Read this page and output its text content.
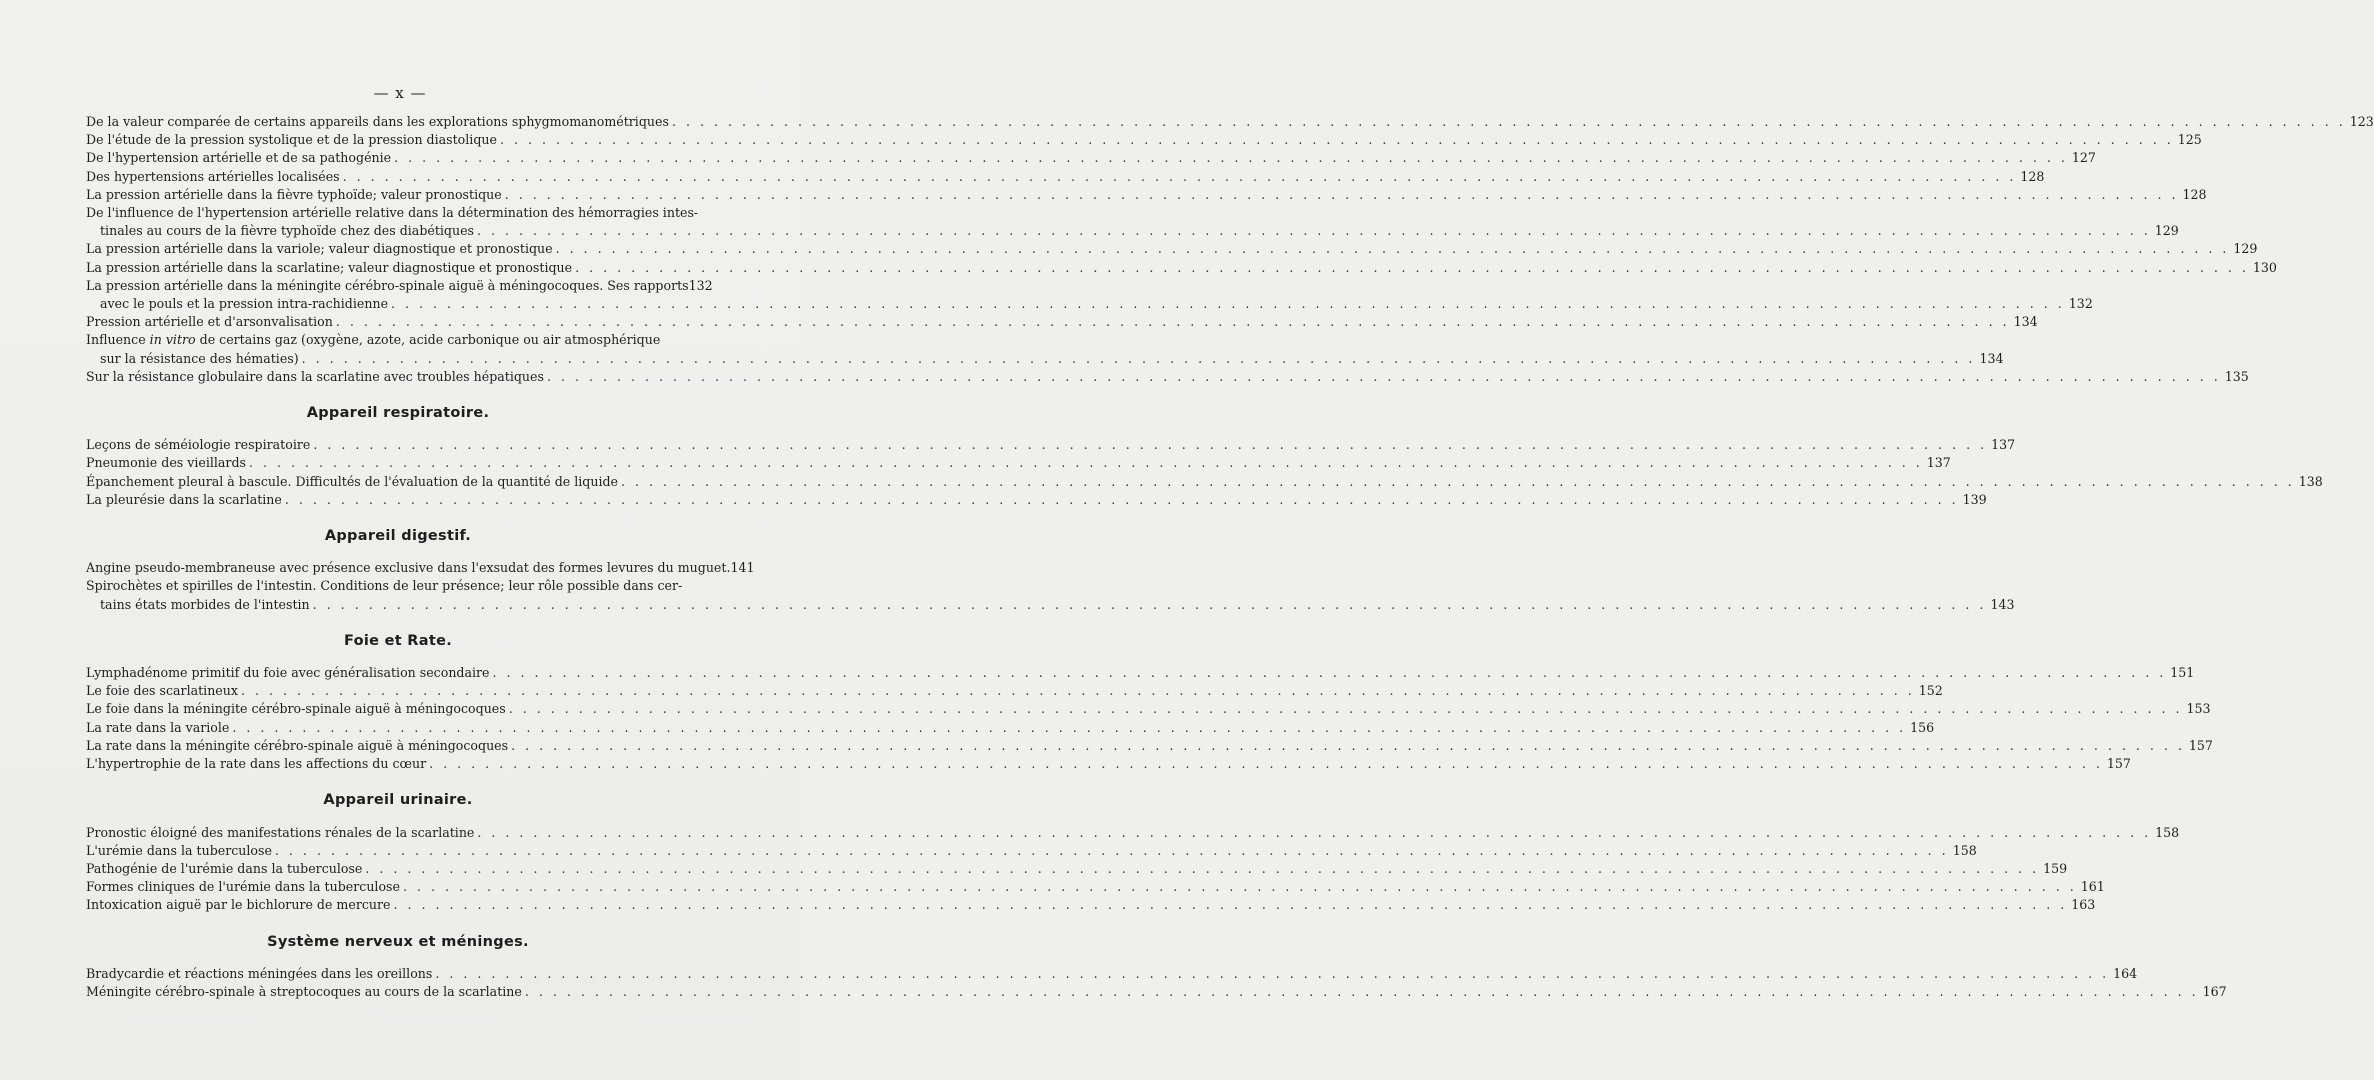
— x —
De la valeur comparée de certains appareils dans les explorations sphygmomanométriques . . . . . . . . . . . . . . . . . . . . . . . . . . . . . . . . . . . . . . . . . . . . . . . . . . . . . . . . . . . . . . . . . . . . . . . . . . . . . . . . . . . . . . . . . . . . . . . . . . . . . . . . . . . . . . . . . . . . . . . . 123
De l'étude de la pression systolique et de la pression diastolique . . . . . . . . . . . . . . . . . . . . . . . . . . . . . . . . . . . . . . . . . . . . . . . . . . . . . . . . . . . . . . . . . . . . . . . . . . . . . . . . . . . . . . . . . . . . . . . . . . . . . . . . . . . . . . . . . . . . . . . . 125
De l'hypertension artérielle et de sa pathogénie . . . . . . . . . . . . . . . . . . . . . . . . . . . . . . . . . . . . . . . . . . . . . . . . . . . . . . . . . . . . . . . . . . . . . . . . . . . . . . . . . . . . . . . . . . . . . . . . . . . . . . . . . . . . . . . . . . . . . . . . 127
Des hypertensions artérielles localisées . . . . . . . . . . . . . . . . . . . . . . . . . . . . . . . . . . . . . . . . . . . . . . . . . . . . . . . . . . . . . . . . . . . . . . . . . . . . . . . . . . . . . . . . . . . . . . . . . . . . . . . . . . . . . . . . . . . . . . . . 128
La pression artérielle dans la fièvre typhoïde; valeur pronostique . . . . . . . . . . . . . . . . . . . . . . . . . . . . . . . . . . . . . . . . . . . . . . . . . . . . . . . . . . . . . . . . . . . . . . . . . . . . . . . . . . . . . . . . . . . . . . . . . . . . . . . . . . . . . . . . . . . . . . . . 128
De l'influence de l'hypertension artérielle relative dans la détermination des hémorragies intes-
tinales au cours de la fièvre typhoïde chez des diabétiques . . . . . . . . . . . . . . . . . . . . . . . . . . . . . . . . . . . . . . . . . . . . . . . . . . . . . . . . . . . . . . . . . . . . . . . . . . . . . . . . . . . . . . . . . . . . . . . . . . . . . . . . . . . . . . . . . . . . . . . . 129
La pression artérielle dans la variole; valeur diagnostique et pronostique . . . . . . . . . . . . . . . . . . . . . . . . . . . . . . . . . . . . . . . . . . . . . . . . . . . . . . . . . . . . . . . . . . . . . . . . . . . . . . . . . . . . . . . . . . . . . . . . . . . . . . . . . . . . . . . . . . . . . . . . 129
La pression artérielle dans la scarlatine; valeur diagnostique et pronostique . . . . . . . . . . . . . . . . . . . . . . . . . . . . . . . . . . . . . . . . . . . . . . . . . . . . . . . . . . . . . . . . . . . . . . . . . . . . . . . . . . . . . . . . . . . . . . . . . . . . . . . . . . . . . . . . . . . . . . . . 130
La pression artérielle dans la méningite cérébro-spinale aiguë à méningocoques. Ses rapports 132
avec le pouls et la pression intra-rachidienne . . . . . . . . . . . . . . . . . . . . . . . . . . . . . . . . . . . . . . . . . . . . . . . . . . . . . . . . . . . . . . . . . . . . . . . . . . . . . . . . . . . . . . . . . . . . . . . . . . . . . . . . . . . . . . . . . . . . . . . . 132
Pression artérielle et d'arsonvalisation . . . . . . . . . . . . . . . . . . . . . . . . . . . . . . . . . . . . . . . . . . . . . . . . . . . . . . . . . . . . . . . . . . . . . . . . . . . . . . . . . . . . . . . . . . . . . . . . . . . . . . . . . . . . . . . . . . . . . . . . 134
Influence in vitro de certains gaz (oxygène, azote, acide carbonique ou air atmosphérique
sur la résistance des hématies) . . . . . . . . . . . . . . . . . . . . . . . . . . . . . . . . . . . . . . . . . . . . . . . . . . . . . . . . . . . . . . . . . . . . . . . . . . . . . . . . . . . . . . . . . . . . . . . . . . . . . . . . . . . . . . . . . . . . . . . . 134
Sur la résistance globulaire dans la scarlatine avec troubles hépatiques . . . . . . . . . . . . . . . . . . . . . . . . . . . . . . . . . . . . . . . . . . . . . . . . . . . . . . . . . . . . . . . . . . . . . . . . . . . . . . . . . . . . . . . . . . . . . . . . . . . . . . . . . . . . . . . . . . . . . . . . 135
Appareil respiratoire.
Leçons de séméiologie respiratoire . . . . . . . . . . . . . . . . . . . . . . . . . . . . . . . . . . . . . . . . . . . . . . . . . . . . . . . . . . . . . . . . . . . . . . . . . . . . . . . . . . . . . . . . . . . . . . . . . . . . . . . . . . . . . . . . . . . . . . . . 137
Pneumonie des vieillards . . . . . . . . . . . . . . . . . . . . . . . . . . . . . . . . . . . . . . . . . . . . . . . . . . . . . . . . . . . . . . . . . . . . . . . . . . . . . . . . . . . . . . . . . . . . . . . . . . . . . . . . . . . . . . . . . . . . . . . . 137
Épanchement pleural à bascule. Difficultés de l'évaluation de la quantité de liquide . . . . . . . . . . . . . . . . . . . . . . . . . . . . . . . . . . . . . . . . . . . . . . . . . . . . . . . . . . . . . . . . . . . . . . . . . . . . . . . . . . . . . . . . . . . . . . . . . . . . . . . . . . . . . . . . . . . . . . . . 138
La pleurésie dans la scarlatine . . . . . . . . . . . . . . . . . . . . . . . . . . . . . . . . . . . . . . . . . . . . . . . . . . . . . . . . . . . . . . . . . . . . . . . . . . . . . . . . . . . . . . . . . . . . . . . . . . . . . . . . . . . . . . . . . . . . . . . . 139
Appareil digestif.
Angine pseudo-membraneuse avec présence exclusive dans l'exsudat des formes levures du muguet. 141
Spirochètes et spirilles de l'intestin. Conditions de leur présence; leur rôle possible dans cer-
tains états morbides de l'intestin . . . . . . . . . . . . . . . . . . . . . . . . . . . . . . . . . . . . . . . . . . . . . . . . . . . . . . . . . . . . . . . . . . . . . . . . . . . . . . . . . . . . . . . . . . . . . . . . . . . . . . . . . . . . . . . . . . . . . . . . 143
Foie et Rate.
Lymphadénome primitif du foie avec généralisation secondaire . . . . . . . . . . . . . . . . . . . . . . . . . . . . . . . . . . . . . . . . . . . . . . . . . . . . . . . . . . . . . . . . . . . . . . . . . . . . . . . . . . . . . . . . . . . . . . . . . . . . . . . . . . . . . . . . . . . . . . . . 151
Le foie des scarlatineux . . . . . . . . . . . . . . . . . . . . . . . . . . . . . . . . . . . . . . . . . . . . . . . . . . . . . . . . . . . . . . . . . . . . . . . . . . . . . . . . . . . . . . . . . . . . . . . . . . . . . . . . . . . . . . . . . . . . . . . . 152
Le foie dans la méningite cérébro-spinale aiguë à méningocoques . . . . . . . . . . . . . . . . . . . . . . . . . . . . . . . . . . . . . . . . . . . . . . . . . . . . . . . . . . . . . . . . . . . . . . . . . . . . . . . . . . . . . . . . . . . . . . . . . . . . . . . . . . . . . . . . . . . . . . . . 153
La rate dans la variole . . . . . . . . . . . . . . . . . . . . . . . . . . . . . . . . . . . . . . . . . . . . . . . . . . . . . . . . . . . . . . . . . . . . . . . . . . . . . . . . . . . . . . . . . . . . . . . . . . . . . . . . . . . . . . . . . . . . . . . . 156
La rate dans la méningite cérébro-spinale aiguë à méningocoques . . . . . . . . . . . . . . . . . . . . . . . . . . . . . . . . . . . . . . . . . . . . . . . . . . . . . . . . . . . . . . . . . . . . . . . . . . . . . . . . . . . . . . . . . . . . . . . . . . . . . . . . . . . . . . . . . . . . . . . . 157
L'hypertrophie de la rate dans les affections du cœur . . . . . . . . . . . . . . . . . . . . . . . . . . . . . . . . . . . . . . . . . . . . . . . . . . . . . . . . . . . . . . . . . . . . . . . . . . . . . . . . . . . . . . . . . . . . . . . . . . . . . . . . . . . . . . . . . . . . . . . . 157
Appareil urinaire.
Pronostic éloigné des manifestations rénales de la scarlatine . . . . . . . . . . . . . . . . . . . . . . . . . . . . . . . . . . . . . . . . . . . . . . . . . . . . . . . . . . . . . . . . . . . . . . . . . . . . . . . . . . . . . . . . . . . . . . . . . . . . . . . . . . . . . . . . . . . . . . . . 158
L'urémie dans la tuberculose . . . . . . . . . . . . . . . . . . . . . . . . . . . . . . . . . . . . . . . . . . . . . . . . . . . . . . . . . . . . . . . . . . . . . . . . . . . . . . . . . . . . . . . . . . . . . . . . . . . . . . . . . . . . . . . . . . . . . . . . 158
Pathogénie de l'urémie dans la tuberculose . . . . . . . . . . . . . . . . . . . . . . . . . . . . . . . . . . . . . . . . . . . . . . . . . . . . . . . . . . . . . . . . . . . . . . . . . . . . . . . . . . . . . . . . . . . . . . . . . . . . . . . . . . . . . . . . . . . . . . . . 159
Formes cliniques de l'urémie dans la tuberculose . . . . . . . . . . . . . . . . . . . . . . . . . . . . . . . . . . . . . . . . . . . . . . . . . . . . . . . . . . . . . . . . . . . . . . . . . . . . . . . . . . . . . . . . . . . . . . . . . . . . . . . . . . . . . . . . . . . . . . . . 161
Intoxication aiguë par le bichlorure de mercure . . . . . . . . . . . . . . . . . . . . . . . . . . . . . . . . . . . . . . . . . . . . . . . . . . . . . . . . . . . . . . . . . . . . . . . . . . . . . . . . . . . . . . . . . . . . . . . . . . . . . . . . . . . . . . . . . . . . . . . . 163
Système nerveux et méninges.
Bradycardie et réactions méningées dans les oreillons . . . . . . . . . . . . . . . . . . . . . . . . . . . . . . . . . . . . . . . . . . . . . . . . . . . . . . . . . . . . . . . . . . . . . . . . . . . . . . . . . . . . . . . . . . . . . . . . . . . . . . . . . . . . . . . . . . . . . . . . 164
Méningite cérébro-spinale à streptocoques au cours de la scarlatine . . . . . . . . . . . . . . . . . . . . . . . . . . . . . . . . . . . . . . . . . . . . . . . . . . . . . . . . . . . . . . . . . . . . . . . . . . . . . . . . . . . . . . . . . . . . . . . . . . . . . . . . . . . . . . . . . . . . . . . . 167
